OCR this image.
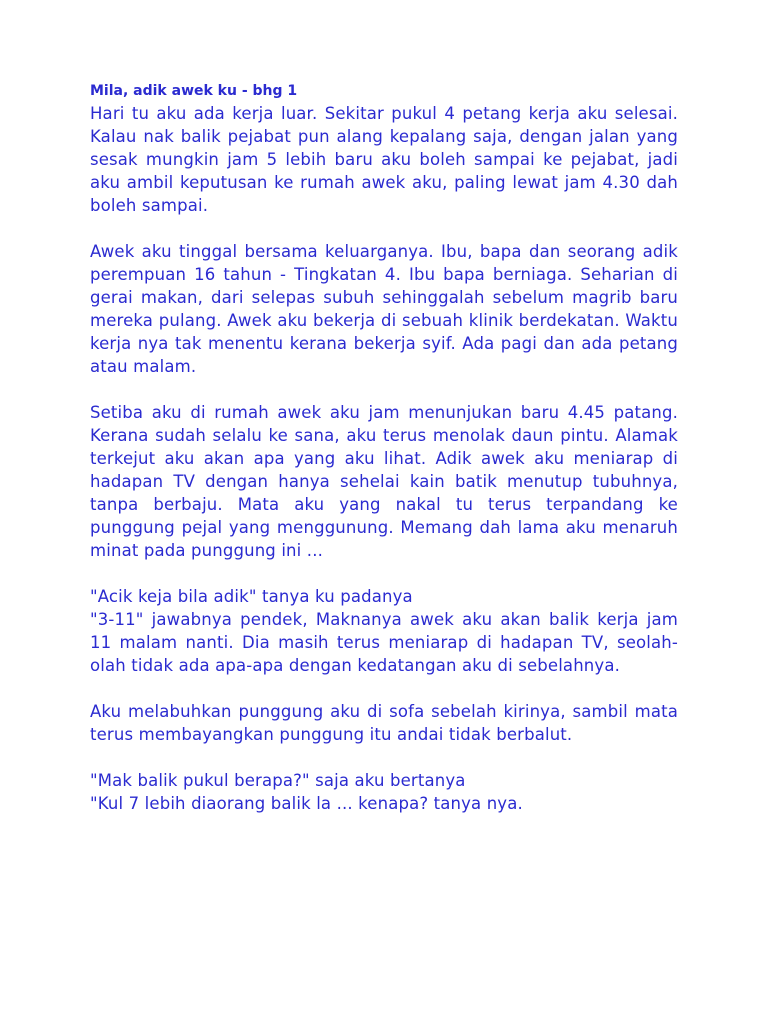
Mila, adik awek ku - bhg 1

Hari tu aku ada kerja luar. Sekitar pukul 4 petang kerja aku selesai. Kalau nak balik pejabat pun alang kepalang saja, dengan jalan yang sesak mungkin jam 5 lebih baru aku boleh sampai ke pejabat, jadi aku ambil keputusan ke rumah awek aku, paling lewat jam 4.30 dah boleh sampai.

Awek aku tinggal bersama keluarganya. Ibu, bapa dan seorang adik perempuan 16 tahun - Tingkatan 4. Ibu bapa berniaga. Seharian di gerai makan, dari selepas subuh sehinggalah sebelum magrib baru mereka pulang. Awek aku bekerja di sebuah klinik berdekatan. Waktu kerja nya tak menentu kerana bekerja syif. Ada pagi dan ada petang atau malam.

Setiba aku di rumah awek aku jam menunjukan baru 4.45 patang. Kerana sudah selalu ke sana, aku terus menolak daun pintu. Alamak terkejut aku akan apa yang aku lihat. Adik awek aku meniarap di hadapan TV dengan hanya sehelai kain batik menutup tubuhnya, tanpa berbaju. Mata aku yang nakal tu terus terpandang ke punggung pejal yang menggunung. Memang dah lama aku menaruh minat pada punggung ini ...

"Acik keja bila adik" tanya ku padanya

"3-11" jawabnya pendek, Maknanya awek aku akan balik kerja jam 11 malam nanti. Dia masih terus meniarap di hadapan TV, seolah-olah tidak ada apa-apa dengan kedatangan aku di sebelahnya.

Aku melabuhkan punggung aku di sofa sebelah kirinya, sambil mata terus membayangkan punggung itu andai tidak berbalut.

"Mak balik pukul berapa?" saja aku bertanya

"Kul 7 lebih diaorang balik la ... kenapa? tanya nya.
